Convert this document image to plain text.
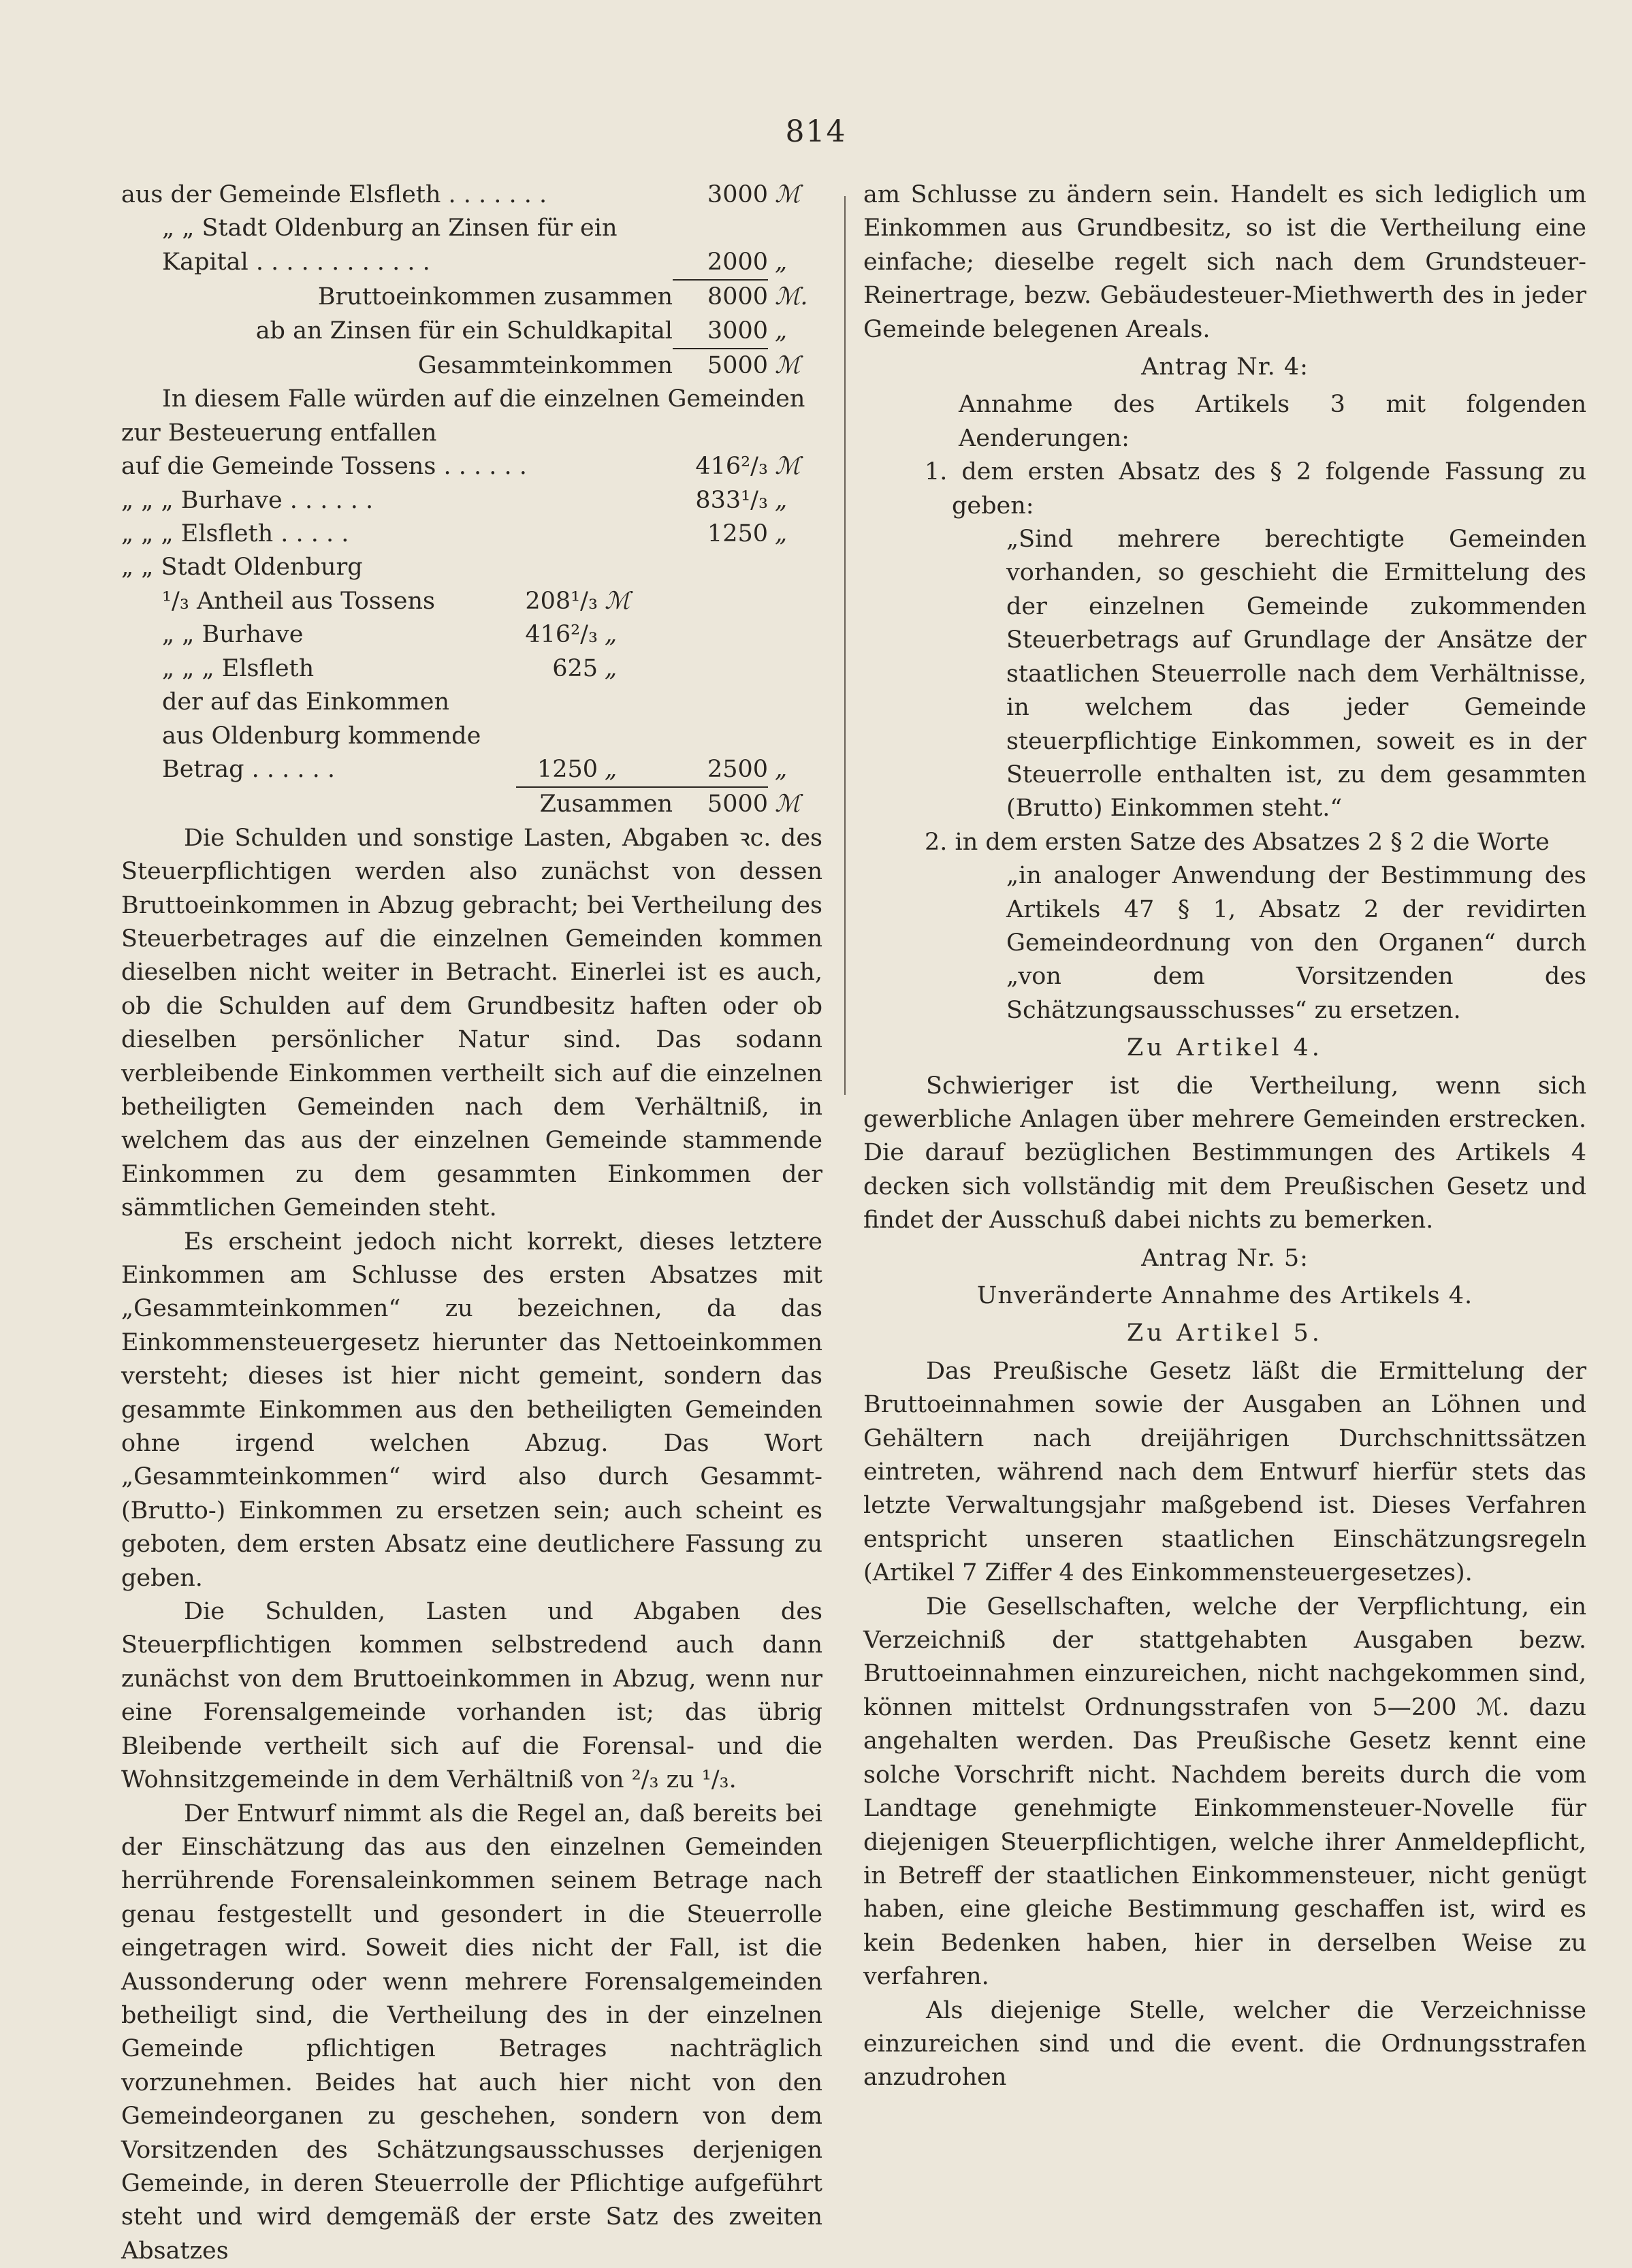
814
aus der Gemeinde Elsfleth . . . . . . .	3000 ℳ
„ „ Stadt Oldenburg an Zinsen für ein
Kapital . . . . . . . . . . . .	2000 „
Bruttoeinkommen zusammen	8000 ℳ.
ab an Zinsen für ein Schuldkapital	3000 „
Gesammteinkommen	5000 ℳ
In diesem Falle würden auf die einzelnen Gemeinden
zur Besteuerung entfallen
auf die Gemeinde Tossens . . . . . .	416²/₃ ℳ
„ „ „ Burhave . . . . . .	833¹/₃ „
„ „ „ Elsfleth . . . . .	1250 „
„ „ Stadt Oldenburg
¹/₃ Antheil aus Tossens	208¹/₃ ℳ
„ „ Burhave	416²/₃ „
„ „ „ Elsfleth	625 „
der auf das Einkommen
aus Oldenburg kommende
Betrag . . . . . .	1250 „	2500 „
Zusammen	5000 ℳ

Die Schulden und sonstige Lasten, Abgaben ꝛc. des Steuerpflichtigen werden also zunächst von dessen Bruttoeinkommen in Abzug gebracht; bei Vertheilung des Steuerbetrages auf die einzelnen Gemeinden kommen dieselben nicht weiter in Betracht. Einerlei ist es auch, ob die Schulden auf dem Grundbesitz haften oder ob dieselben persönlicher Natur sind. Das sodann verbleibende Einkommen vertheilt sich auf die einzelnen betheiligten Gemeinden nach dem Verhältniß, in welchem das aus der einzelnen Gemeinde stammende Einkommen zu dem gesammten Einkommen der sämmtlichen Gemeinden steht.

Es erscheint jedoch nicht korrekt, dieses letztere Einkommen am Schlusse des ersten Absatzes mit „Gesammteinkommen“ zu bezeichnen, da das Einkommensteuergesetz hierunter das Nettoeinkommen versteht; dieses ist hier nicht gemeint, sondern das gesammte Einkommen aus den betheiligten Gemeinden ohne irgend welchen Abzug. Das Wort „Gesammteinkommen“ wird also durch Gesammt-(Brutto-) Einkommen zu ersetzen sein; auch scheint es geboten, dem ersten Absatz eine deutlichere Fassung zu geben.

Die Schulden, Lasten und Abgaben des Steuerpflichtigen kommen selbstredend auch dann zunächst von dem Bruttoeinkommen in Abzug, wenn nur eine Forensalgemeinde vorhanden ist; das übrig Bleibende vertheilt sich auf die Forensal- und die Wohnsitzgemeinde in dem Verhältniß von ²/₃ zu ¹/₃.

Der Entwurf nimmt als die Regel an, daß bereits bei der Einschätzung das aus den einzelnen Gemeinden herrührende Forensaleinkommen seinem Betrage nach genau festgestellt und gesondert in die Steuerrolle eingetragen wird. Soweit dies nicht der Fall, ist die Aussonderung oder wenn mehrere Forensalgemeinden betheiligt sind, die Vertheilung des in der einzelnen Gemeinde pflichtigen Betrages nachträglich vorzunehmen. Beides hat auch hier nicht von den Gemeindeorganen zu geschehen, sondern von dem Vorsitzenden des Schätzungsausschusses derjenigen Gemeinde, in deren Steuerrolle der Pflichtige aufgeführt steht und wird demgemäß der erste Satz des zweiten Absatzes

am Schlusse zu ändern sein. Handelt es sich lediglich um Einkommen aus Grundbesitz, so ist die Vertheilung eine einfache; dieselbe regelt sich nach dem Grundsteuer-Reinertrage, bezw. Gebäudesteuer-Miethwerth des in jeder Gemeinde belegenen Areals.

Antrag Nr. 4:

Annahme des Artikels 3 mit folgenden Aenderungen:

1. dem ersten Absatz des § 2 folgende Fassung zu geben:

„Sind mehrere berechtigte Gemeinden vorhanden, so geschieht die Ermittelung des der einzelnen Gemeinde zukommenden Steuerbetrags auf Grundlage der Ansätze der staatlichen Steuerrolle nach dem Verhältnisse, in welchem das jeder Gemeinde steuerpflichtige Einkommen, soweit es in der Steuerrolle enthalten ist, zu dem gesammten (Brutto) Einkommen steht.“

2. in dem ersten Satze des Absatzes 2 § 2 die Worte

„in analoger Anwendung der Bestimmung des Artikels 47 § 1, Absatz 2 der revidirten Gemeindeordnung von den Organen“ durch „von dem Vorsitzenden des Schätzungsausschusses“ zu ersetzen.

Zu Artikel 4.

Schwieriger ist die Vertheilung, wenn sich gewerbliche Anlagen über mehrere Gemeinden erstrecken. Die darauf bezüglichen Bestimmungen des Artikels 4 decken sich vollständig mit dem Preußischen Gesetz und findet der Ausschuß dabei nichts zu bemerken.

Antrag Nr. 5:
Unveränderte Annahme des Artikels 4.
Zu Artikel 5.

Das Preußische Gesetz läßt die Ermittelung der Bruttoeinnahmen sowie der Ausgaben an Löhnen und Gehältern nach dreijährigen Durchschnittssätzen eintreten, während nach dem Entwurf hierfür stets das letzte Verwaltungsjahr maßgebend ist. Dieses Verfahren entspricht unseren staatlichen Einschätzungsregeln (Artikel 7 Ziffer 4 des Einkommensteuergesetzes).

Die Gesellschaften, welche der Verpflichtung, ein Verzeichniß der stattgehabten Ausgaben bezw. Bruttoeinnahmen einzureichen, nicht nachgekommen sind, können mittelst Ordnungsstrafen von 5—200 ℳ. dazu angehalten werden. Das Preußische Gesetz kennt eine solche Vorschrift nicht. Nachdem bereits durch die vom Landtage genehmigte Einkommensteuer-Novelle für diejenigen Steuerpflichtigen, welche ihrer Anmeldepflicht, in Betreff der staatlichen Einkommensteuer, nicht genügt haben, eine gleiche Bestimmung geschaffen ist, wird es kein Bedenken haben, hier in derselben Weise zu verfahren.

Als diejenige Stelle, welcher die Verzeichnisse einzureichen sind und die event. die Ordnungsstrafen anzudrohen
